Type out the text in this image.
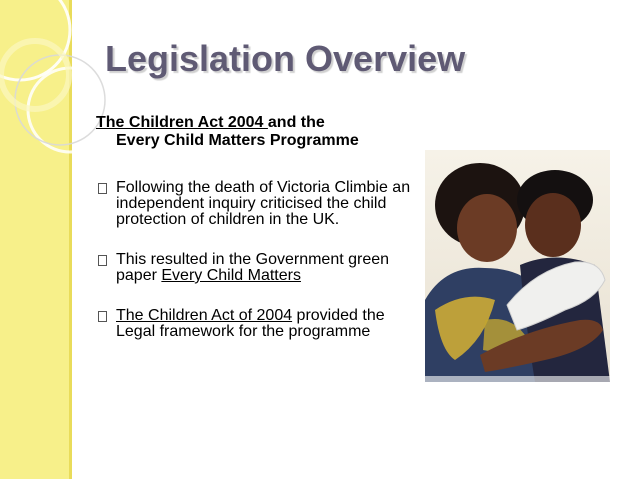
Legislation Overview
The Children Act 2004 and the
Every Child Matters Programme
Following the death of Victoria Climbie an independent inquiry criticised the child protection of children in the UK.
This resulted in the Government green paper Every Child Matters
The Children Act of 2004 provided the Legal framework for the programme
